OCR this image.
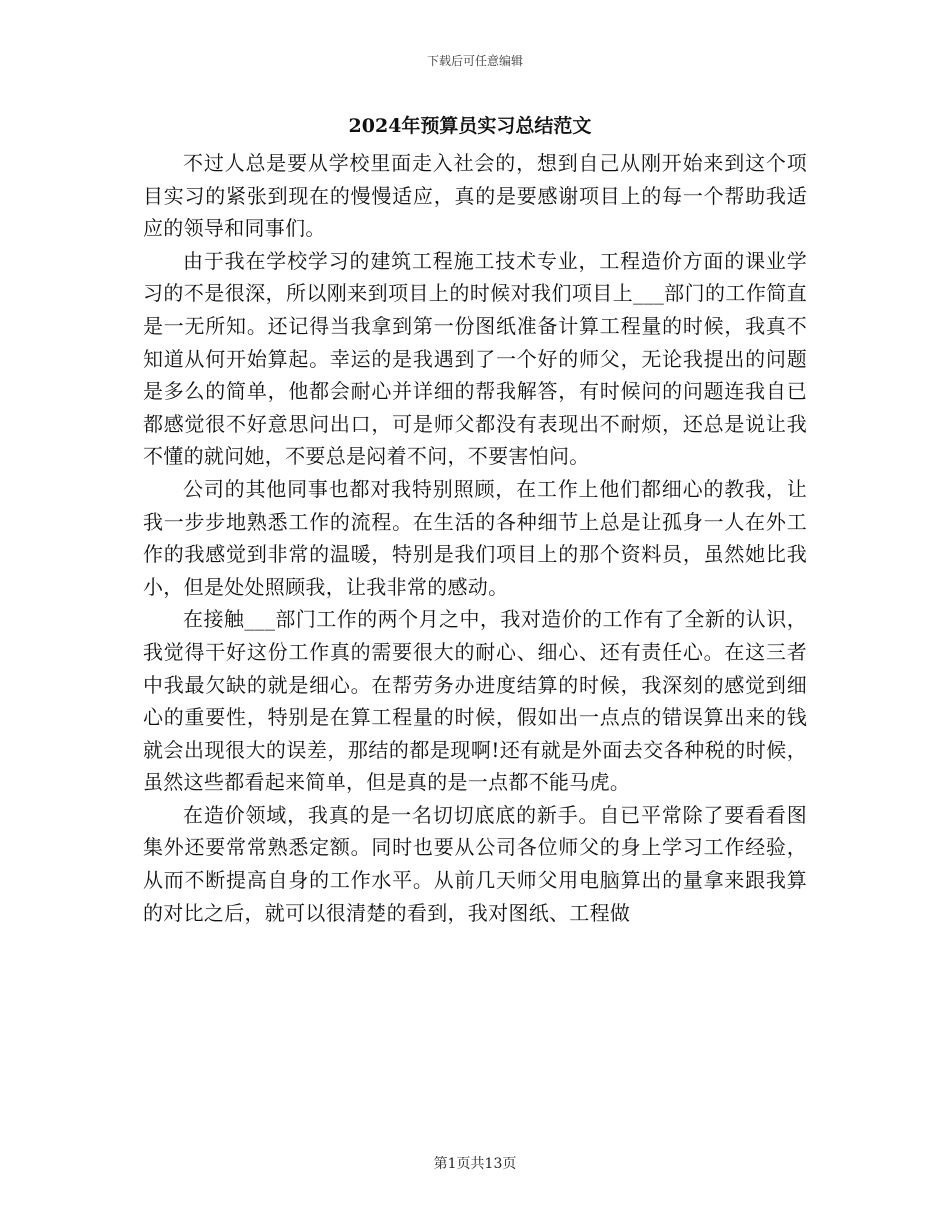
下载后可任意编辑
2024年预算员实习总结范文

不过人总是要从学校里面走入社会的，想到自己从刚开始来到这个项目实习的紧张到现在的慢慢适应，真的是要感谢项目上的每一个帮助我适应的领导和同事们。

由于我在学校学习的建筑工程施工技术专业，工程造价方面的课业学习的不是很深，所以刚来到项目上的时候对我们项目上___部门的工作简直是一无所知。还记得当我拿到第一份图纸准备计算工程量的时候，我真不知道从何开始算起。幸运的是我遇到了一个好的师父，无论我提出的问题是多么的简单，他都会耐心并详细的帮我解答，有时候问的问题连我自已都感觉很不好意思问出口，可是师父都没有表现出不耐烦，还总是说让我不懂的就问她，不要总是闷着不问，不要害怕问。

公司的其他同事也都对我特别照顾，在工作上他们都细心的教我，让我一步步地熟悉工作的流程。在生活的各种细节上总是让孤身一人在外工作的我感觉到非常的温暖，特别是我们项目上的那个资料员，虽然她比我小，但是处处照顾我，让我非常的感动。

在接触___部门工作的两个月之中，我对造价的工作有了全新的认识，我觉得干好这份工作真的需要很大的耐心、细心、还有责任心。在这三者中我最欠缺的就是细心。在帮劳务办进度结算的时候，我深刻的感觉到细心的重要性，特别是在算工程量的时候，假如出一点点的错误算出来的钱就会出现很大的误差，那结的都是现啊!还有就是外面去交各种税的时候，虽然这些都看起来简单，但是真的是一点都不能马虎。

在造价领域，我真的是一名切切底底的新手。自已平常除了要看看图集外还要常常熟悉定额。同时也要从公司各位师父的身上学习工作经验，从而不断提高自身的工作水平。从前几天师父用电脑算出的量拿来跟我算的对比之后，就可以很清楚的看到，我对图纸、工程做

第1页共13页
